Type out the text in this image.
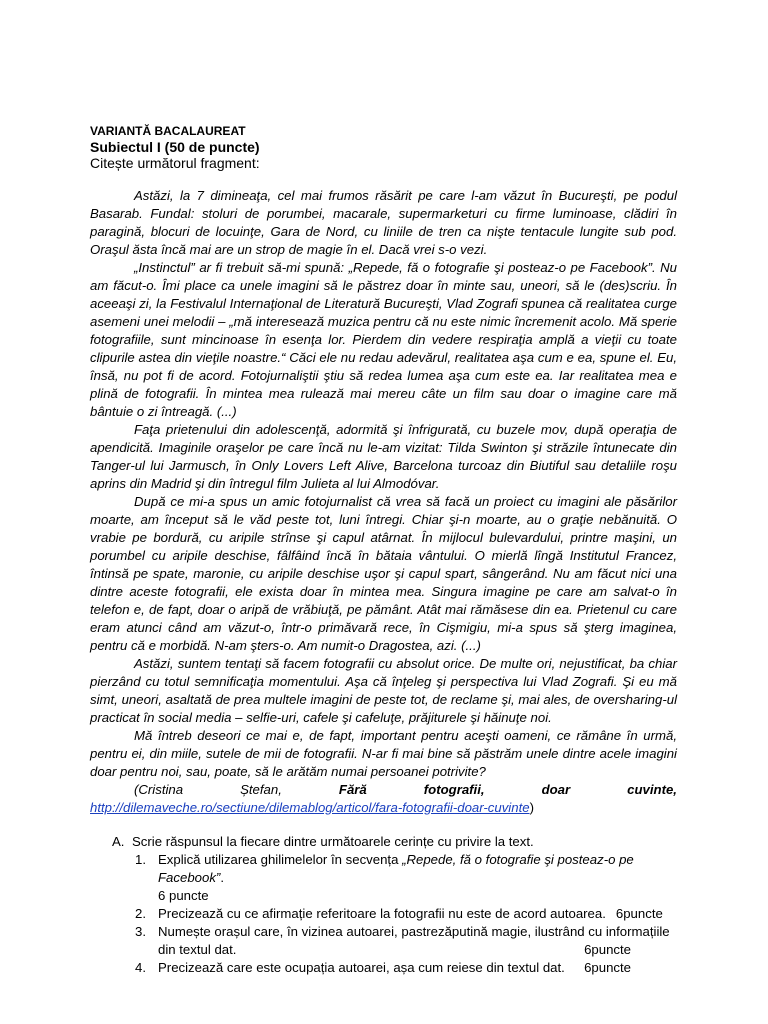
VARIANTĂ BACALAUREAT
Subiectul I (50 de puncte)
Citește următorul fragment:

Astăzi, la 7 dimineaţa, cel mai frumos răsărit pe care l-am văzut în Bucureşti, pe podul Basarab. Fundal: stoluri de porumbei, macarale, supermarketuri cu firme luminoase, clădiri în paragină, blocuri de locuinţe, Gara de Nord, cu liniile de tren ca nişte tentacule lungite sub pod. Oraşul ăsta încă mai are un strop de magie în el. Dacă vrei s-o vezi.

„Instinctul” ar fi trebuit să-mi spună: „Repede, fă o fotografie şi posteaz-o pe Facebook”. Nu am făcut-o. Îmi place ca unele imagini să le păstrez doar în minte sau, uneori, să le (des)scriu. În aceeaşi zi, la Festivalul Internaţional de Literatură Bucureşti, Vlad Zografi spunea că realitatea curge asemeni unei melodii – „mă interesează muzica pentru că nu este nimic încremenit acolo. Mă sperie fotografiile, sunt mincinoase în esenţa lor. Pierdem din vedere respiraţia amplă a vieţii cu toate clipurile astea din vieţile noastre.“ Căci ele nu redau adevărul, realitatea aşa cum e ea, spune el. Eu, însă, nu pot fi de acord. Fotojurnaliştii ştiu să redea lumea aşa cum este ea. Iar realitatea mea e plină de fotografii. În mintea mea rulează mai mereu câte un film sau doar o imagine care mă bântuie o zi întreagă. (...)

Faţa prietenului din adolescenţă, adormită şi înfrigurată, cu buzele mov, după operaţia de apendicită. Imaginile oraşelor pe care încă nu le-am vizitat: Tilda Swinton şi străzile întunecate din Tanger-ul lui Jarmusch, în Only Lovers Left Alive, Barcelona turcoaz din Biutiful sau detaliile roşu aprins din Madrid şi din întregul film Julieta al lui Almodóvar.

După ce mi-a spus un amic fotojurnalist că vrea să facă un proiect cu imagini ale păsărilor moarte, am început să le văd peste tot, luni întregi. Chiar şi-n moarte, au o graţie nebănuită. O vrabie pe bordură, cu aripile strînse şi capul atârnat. În mijlocul bulevardului, printre maşini, un porumbel cu aripile deschise, fâlfâind încă în bătaia vântului. O mierlă lîngă Institutul Francez, întinsă pe spate, maronie, cu aripile deschise uşor şi capul spart, sângerând. Nu am făcut nici una dintre aceste fotografii, ele exista doar în mintea mea. Singura imagine pe care am salvat-o în telefon e, de fapt, doar o aripă de vrăbiuţă, pe pământ. Atât mai rămăsese din ea. Prietenul cu care eram atunci când am văzut-o, într-o primăvară rece, în Cişmigiu, mi-a spus să şterg imaginea, pentru că e morbidă. N-am şters-o. Am numit-o Dragostea, azi. (...)

Astăzi, suntem tentaţi să facem fotografii cu absolut orice. De multe ori, nejustificat, ba chiar pierzând cu totul semnificaţia momentului. Aşa că înţeleg şi perspectiva lui Vlad Zografi. Şi eu mă simt, uneori, asaltată de prea multele imagini de peste tot, de reclame şi, mai ales, de oversharing-ul practicat în social media – selfie-uri, cafele şi cafeluţe, prăjiturele şi hăinuţe noi.

Mă întreb deseori ce mai e, de fapt, important pentru aceşti oameni, ce rămâne în urmă, pentru ei, din miile, sutele de mii de fotografii. N-ar fi mai bine să păstrăm unele dintre acele imagini doar pentru noi, sau, poate, să le arătăm numai persoanei potrivite?

(Cristina	Ștefan,	Fără	fotografii,	doar	cuvinte,
http://dilemaveche.ro/sectiune/dilemablog/articol/fara-fotografii-doar-cuvinte)
A. Scrie răspunsul la fiecare dintre următoarele cerințe cu privire la text.
1. Explică utilizarea ghilimelelor în secvența „Repede, fă o fotografie şi posteaz-o pe Facebook”.
6 puncte
2. Precizează cu ce afirmație referitoare la fotografii nu este de acord autoarea. 6puncte
3. Numește orașul care, în vizinea autoarei, pastrezăputină magie, ilustrând cu informațiile din textul dat.	6puncte
4. Precizează care este ocupația autoarei, așa cum reiese din textul dat. 6puncte
